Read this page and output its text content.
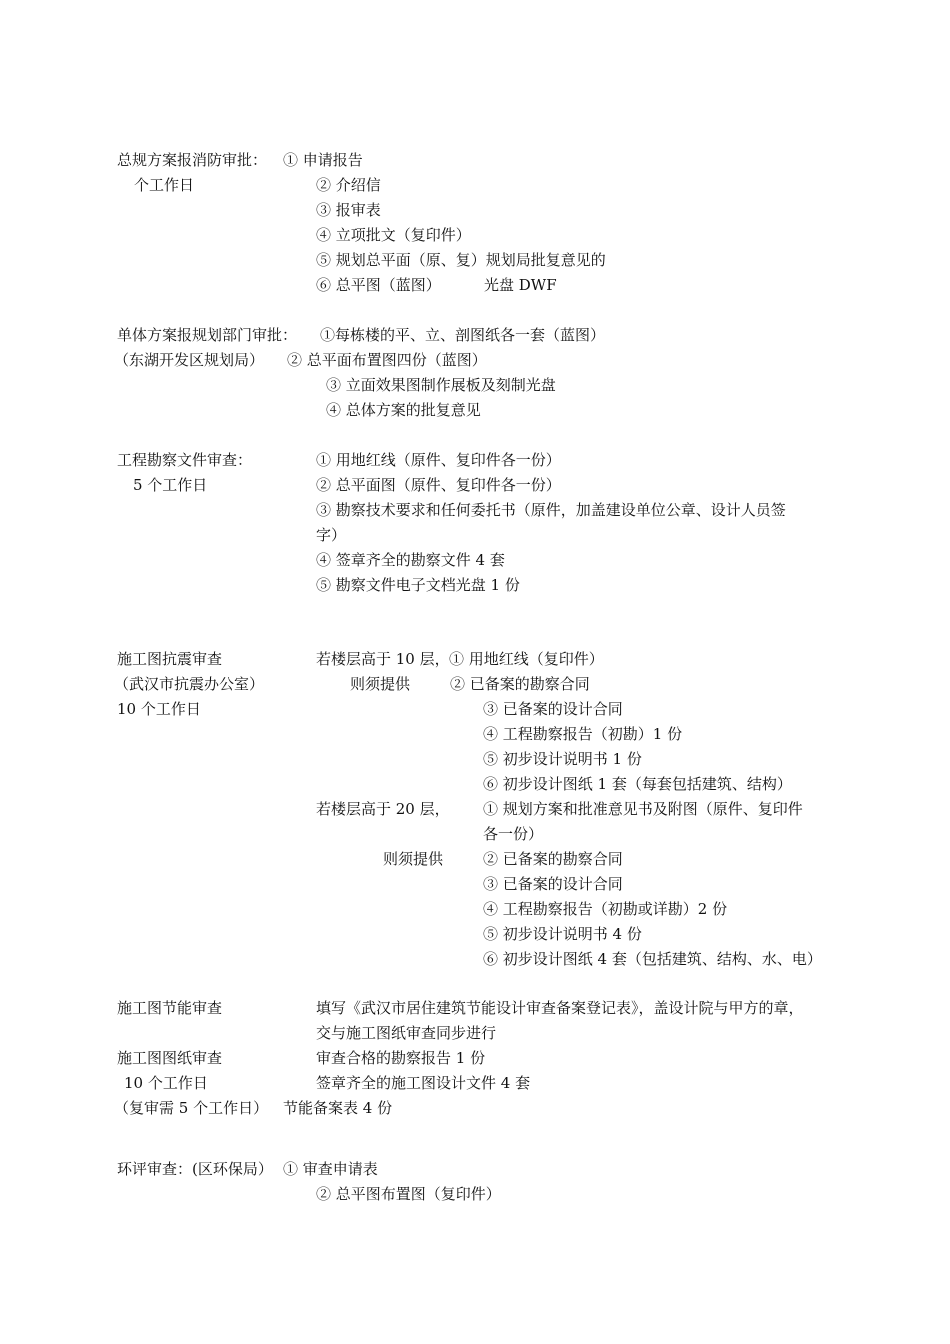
总规方案报消防审批： ① 申请报告
个工作日	② 介绍信
③ 报审表
④ 立项批文（复印件）
⑤ 规划总平面（原、复）规划局批复意见的
⑥ 总平图（蓝图）	光盘 DWF
单体方案报规划部门审批： ①每栋楼的平、立、剖图纸各一套（蓝图）
（东湖开发区规划局） ② 总平面布置图四份（蓝图）
③ 立面效果图制作展板及刻制光盘
④ 总体方案的批复意见
工程勘察文件审查：	① 用地红线（原件、复印件各一份）
5 个工作日	② 总平面图（原件、复印件各一份）
③ 勘察技术要求和任何委托书（原件，加盖建设单位公章、设计人员签
字）
④ 签章齐全的勘察文件 4 套
⑤ 勘察文件电子文档光盘 1 份
施工图抗震审查	若楼层高于 10 层， ① 用地红线（复印件）
（武汉市抗震办公室）	则须提供	② 已备案的勘察合同
10 个工作日	③ 已备案的设计合同
④ 工程勘察报告（初勘）1 份
⑤ 初步设计说明书 1 份
⑥ 初步设计图纸 1 套（每套包括建筑、结构）
若楼层高于 20 层， ① 规划方案和批准意见书及附图（原件、复印件
各一份）
则须提供	② 已备案的勘察合同
③ 已备案的设计合同
④ 工程勘察报告（初勘或详勘）2 份
⑤ 初步设计说明书 4 份
⑥ 初步设计图纸 4 套（包括建筑、结构、水、电）
施工图节能审查	填写《武汉市居住建筑节能设计审查备案登记表》，盖设计院与甲方的章，
交与施工图纸审查同步进行
施工图图纸审查	审查合格的勘察报告 1 份
10 个工作日	签章齐全的施工图设计文件 4 套
（复审需 5 个工作日） 节能备案表 4 份
环评审查：(区环保局） ① 审查申请表
② 总平图布置图（复印件）
